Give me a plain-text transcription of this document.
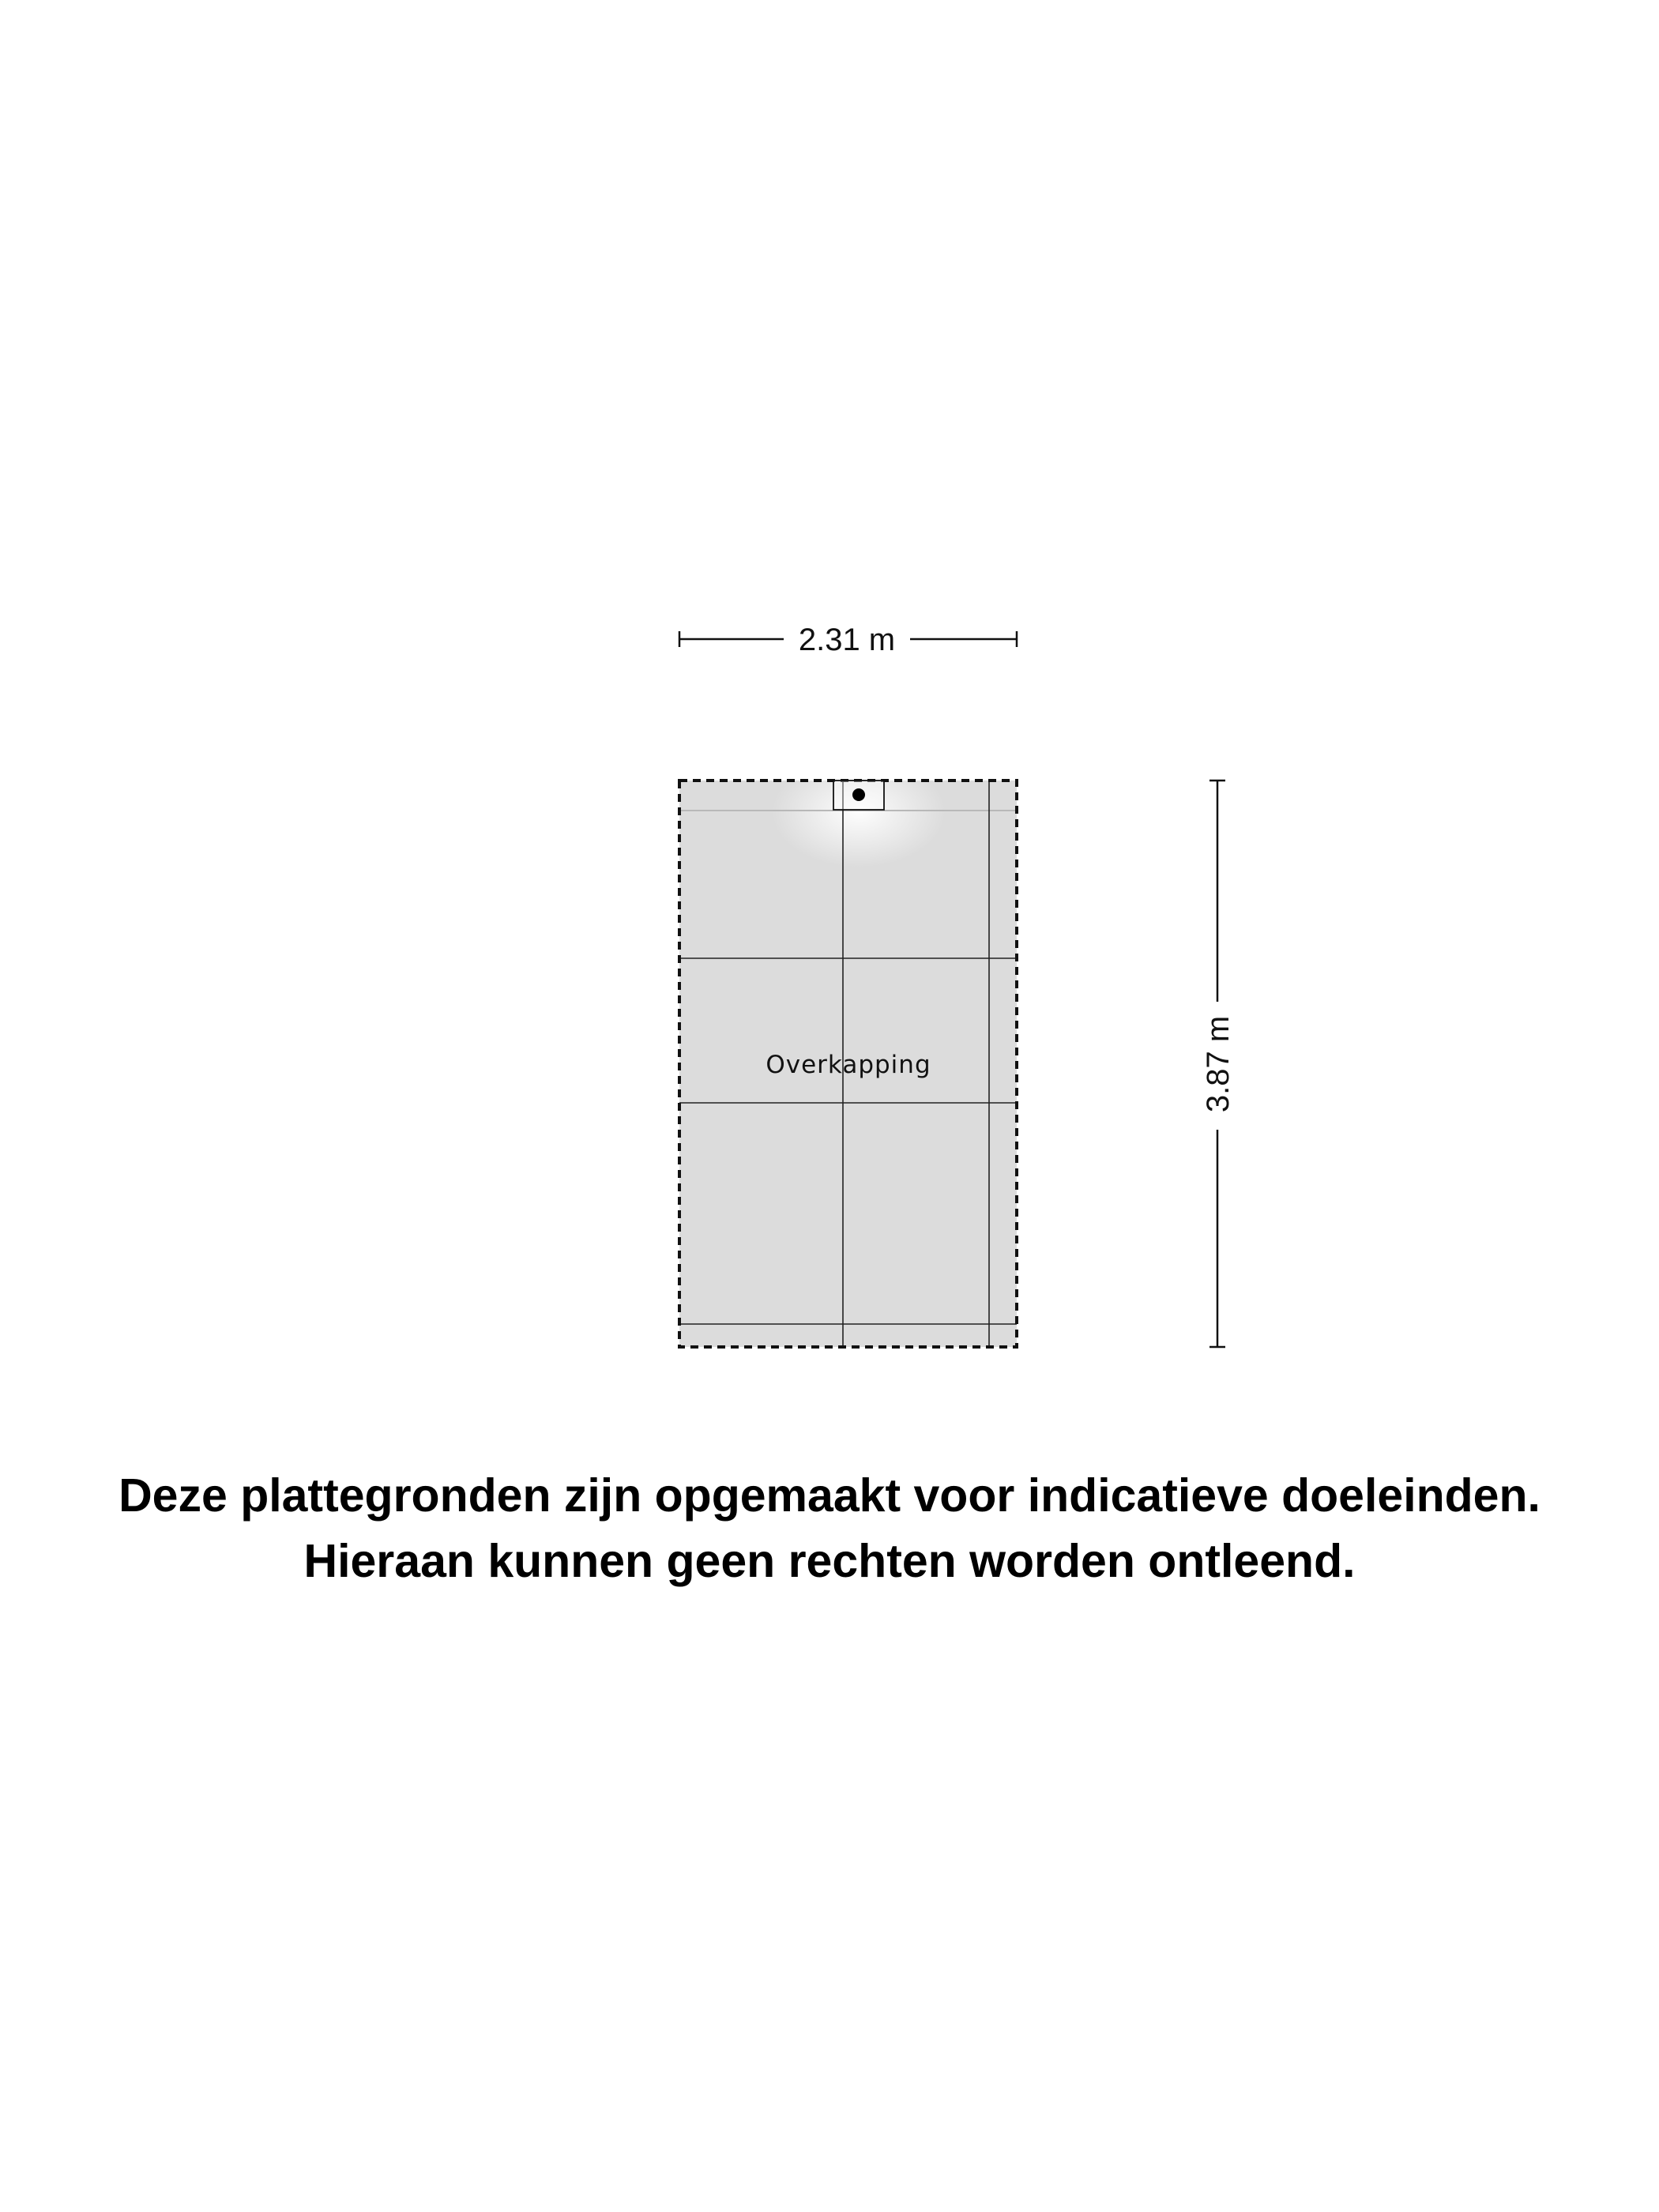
2.31 m
3.87 m
Overkapping
Deze plattegronden zijn opgemaakt voor indicatieve doeleinden.
Hieraan kunnen geen rechten worden ontleend.
